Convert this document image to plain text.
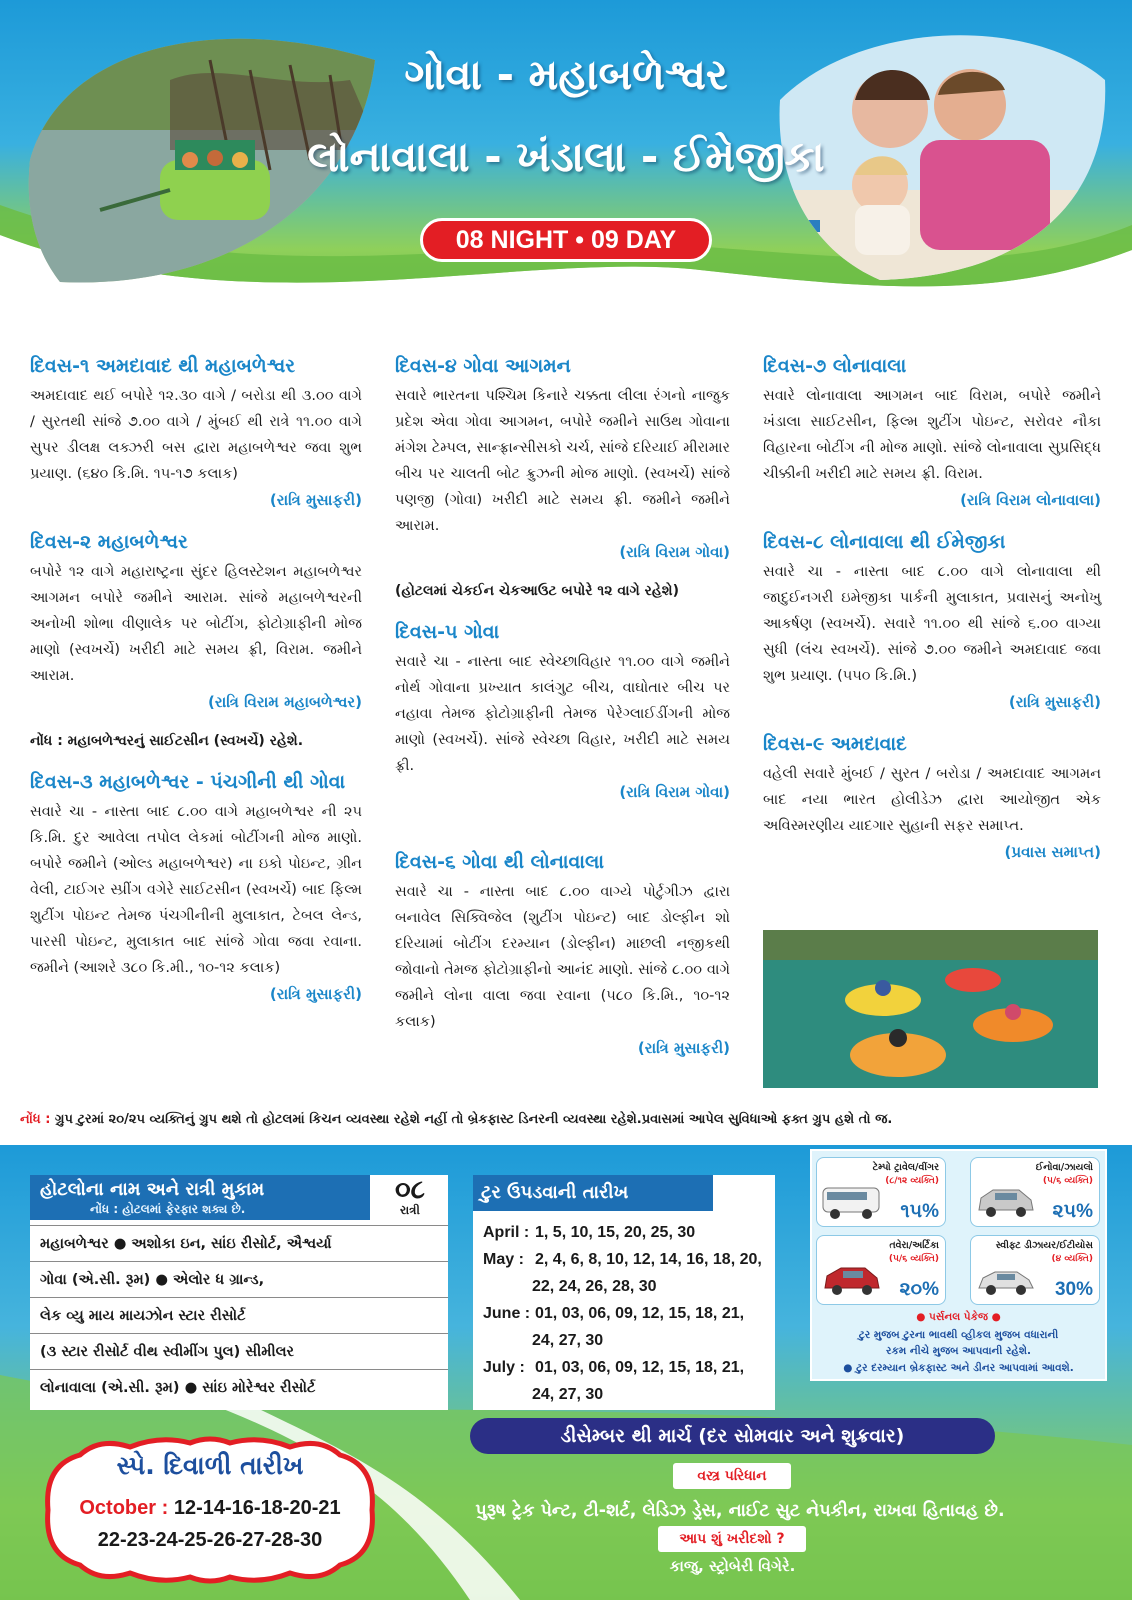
ગોવા - મહાબળેશ્વર
લોનાવાલા - ખંડાલા - ઈમેજીકા
08 NIGHT • 09 DAY
દિવસ-૧ અમદાવાદ થી મહાબળેશ્વર
અમદાવાદ થઈ બપોરે ૧૨.૩૦ વાગે / બરોડા થી ૩.૦૦ વાગે / સુરતથી સાંજે ૭.૦૦ વાગે / મુંબઈ થી રાત્રે ૧૧.૦૦ વાગે સુપર ડીલક્ષ લક્ઝરી બસ દ્વારા મહાબળેશ્વર જવા શુભ પ્રયાણ. (૬૪૦ કિ.મિ. ૧૫-૧૭ કલાક)
(રાત્રિ મુસાફરી)
દિવસ-૨ મહાબળેશ્વર
બપોરે ૧૨ વાગે મહારાષ્ટ્રના સુંદર હિલસ્ટેશન મહાબળેશ્વર આગમન બપોરે જમીને આરામ. સાંજે મહાબળેશ્વરની અનોખી શોભા વીણાલેક પર બોટીંગ, ફોટોગ્રાફીની મોજ માણો (સ્વખર્ચે) ખરીદી માટે સમય ફ્રી, વિરામ. જમીને આરામ.
(રાત્રિ વિરામ મહાબળેશ્વર)
નોંધ : મહાબળેશ્વરનું સાઈટસીન (સ્વખર્ચે) રહેશે.
દિવસ-૩ મહાબળેશ્વર - પંચગીની થી ગોવા
સવારે ચા - નાસ્તા બાદ ૮.૦૦ વાગે મહાબળેશ્વર ની ૨૫ કિ.મિ. દુર આવેલા તપોલ લેકમાં બોટીંગની મોજ માણો. બપોરે જમીને (ઓલ્ડ મહાબળેશ્વર) ના ઇકો પોઇન્ટ, ગ્રીન વેલી, ટાઈગર સ્પ્રીંગ વગેરે સાઈટસીન (સ્વખર્ચે) બાદ ફિલ્મ શુટીંગ પોઇન્ટ તેમજ પંચગીનીની મુલાકાત, ટેબલ લેન્ડ, પારસી પોઇન્ટ, મુલાકાત બાદ સાંજે ગોવા જવા રવાના. જમીને (આશરે ૩૮૦ કિ.મી., ૧૦-૧૨ કલાક)
(રાત્રિ મુસાફરી)
દિવસ-૪ ગોવા આગમન
સવારે ભારતના પશ્ચિમ કિનારે ચક્કતા લીલા રંગનો નાજુક પ્રદેશ એવા ગોવા આગમન, બપોરે જમીને સાઉથ ગોવાના મંગેશ ટેમ્પલ, સાન્ફ્રાન્સીસકો ચર્ચ, સાંજે દરિયાઈ મીરામાર બીચ પર ચાલતી બોટ ક્રુઝની મોજ માણો. (સ્વખર્ચે) સાંજે પણજી (ગોવા) ખરીદી માટે સમય ફ્રી. જમીને જમીને આરામ.
(રાત્રિ વિરામ ગોવા)
(હોટલમાં ચેકઈન ચેકઆઉટ બપોરે ૧૨ વાગે રહેશે)
દિવસ-૫ ગોવા
સવારે ચા - નાસ્તા બાદ સ્વેચ્છાવિહાર ૧૧.૦૦ વાગે જમીને નોર્થ ગોવાના પ્રખ્યાત કાલંગુટ બીચ, વાઘોતાર બીચ પર નહાવા તેમજ ફોટોગ્રાફીની તેમજ પેરેગ્લાઈડીંગની મોજ માણો (સ્વખર્ચે). સાંજે સ્વેચ્છા વિહાર, ખરીદી માટે સમય ફ્રી.
(રાત્રિ વિરામ ગોવા)
દિવસ-૬ ગોવા થી લોનાવાલા
સવારે ચા - નાસ્તા બાદ ૮.૦૦ વાગ્યે પોર્ટુગીઝ દ્વારા બનાવેલ સિક્વિજેલ (શુટીંગ પોઇન્ટ) બાદ ડોલ્ફીન શો દરિયામાં બોટીંગ દરમ્યાન (ડોલ્ફીન) માછલી નજીકથી જોવાનો તેમજ ફોટોગ્રાફીનો આનંદ માણો. સાંજે ૮.૦૦ વાગે જમીને લોના વાલા જવા રવાના (૫૮૦ કિ.મિ., ૧૦-૧૨ કલાક)
(રાત્રિ મુસાફરી)
દિવસ-૭ લોનાવાલા
સવારે લોનાવાલા આગમન બાદ વિરામ, બપોરે જમીને ખંડાલા સાઈટસીન, ફિલ્મ શુટીંગ પોઇન્ટ, સરોવર નૌકા વિહારના બોટીંગ ની મોજ માણો. સાંજે લોનાવાલા સુપ્રસિદ્ધ ચીક્કીની ખરીદી માટે સમય ફ્રી. વિરામ.
(રાત્રિ વિરામ લોનાવાલા)
દિવસ-૮ લોનાવાલા થી ઈમેજીકા
સવારે ચા - નાસ્તા બાદ ૮.૦૦ વાગે લોનાવાલા થી જાદુઈનગરી ઇમેજીકા પાર્કની મુલાકાત, પ્રવાસનું અનોખુ આકર્ષણ (સ્વખર્ચે). સવારે ૧૧.૦૦ થી સાંજે ૬.૦૦ વાગ્યા સુધી (લંચ સ્વખર્ચે). સાંજે ૭.૦૦ જમીને અમદાવાદ જવા શુભ પ્રયાણ. (૫૫૦ કિ.મિ.)
(રાત્રિ મુસાફરી)
દિવસ-૯ અમદાવાદ
વહેલી સવારે મુંબઈ / સુરત / બરોડા / અમદાવાદ આગમન બાદ નયા ભારત હોલીડેઝ દ્વારા આયોજીત એક અવિસ્મરણીય યાદગાર સુહાની સફર સમાપ્ત.
(પ્રવાસ સમાપ્ત)
નોંધ : ગ્રુપ ટુરમાં ૨૦/૨૫ વ્યક્તિનું ગ્રુપ થશે તો હોટલમાં કિચન વ્યવસ્થા રહેશે નહીં તો બ્રેકફાસ્ટ ડિનરની વ્યવસ્થા રહેશે.પ્રવાસમાં આપેલ સુવિધાઓ ફક્ત ગ્રુપ હશે તો જ.
હોટલોના નામ અને રાત્રી મુકામ
નોંધ : હોટલમાં ફેરફાર શક્ય છે.
૦૮
રાત્રી
મહાબળેશ્વર ● અશોકા ઇન, સાંઇ રીસોર્ટ, ઐશ્વર્યા
ગોવા (એ.સી. રૂમ) ● એલોર ધ ગ્રાન્ડ,
લેક વ્યુ માય માયઝોન સ્ટાર રીસોર્ટ
(૩ સ્ટાર રીસોર્ટ વીથ સ્વીમીંગ પુલ) સીમીલર
લોનાવાલા (એ.સી. રૂમ) ● સાંઇ મોરેશ્વર રીસોર્ટ
ટુર ઉપડવાની તારીખ
April : 1, 5, 10, 15, 20, 25, 30
May : 2, 4, 6, 8, 10, 12, 14, 16, 18, 20,
22, 24, 26, 28, 30
June : 01, 03, 06, 09, 12, 15, 18, 21,
24, 27, 30
July : 01, 03, 06, 09, 12, 15, 18, 21,
24, 27, 30
ટેમ્પો ટ્રાવેલ/વીંગર
(૮/૧૨ વ્યક્તિ)
૧૫%
ઈનોવા/ઝાયલો
(૫/૬ વ્યક્તિ)
૨૫%
તવેરા/અર્ટિકા
(૫/૬ વ્યક્તિ)
૨૦%
સ્વીફ્ટ ડીઝાયર/ઈટીયોસ
(૪ વ્યક્તિ)
30%
● પર્સનલ પેકેજ ●
ટુર મુજબ ટુરના ભાવથી વ્હીકલ મુજબ વધારાની
રકમ નીચે મુજબ આપવાની રહેશે.
● ટુર દરમ્યાન બ્રેકફાસ્ટ અને ડીનર આપવામાં આવશે.
ડીસેમ્બર થી માર્ચ (દર સોમવાર અને શુક્રવાર)
સ્પે. દિવાળી તારીખ
October : 12-14-16-18-20-21
22-23-24-25-26-27-28-30
વસ્ત્ર પરિધાન
પુરૂષ ટ્રેક પેન્ટ, ટી-શર્ટ, લેડિઝ ડ્રેસ, નાઈટ સુટ નેપકીન, રાખવા હિતાવહ છે.
આપ શું ખરીદશો ?
કાજુ, સ્ટ્રોબેરી વિગેરે.
